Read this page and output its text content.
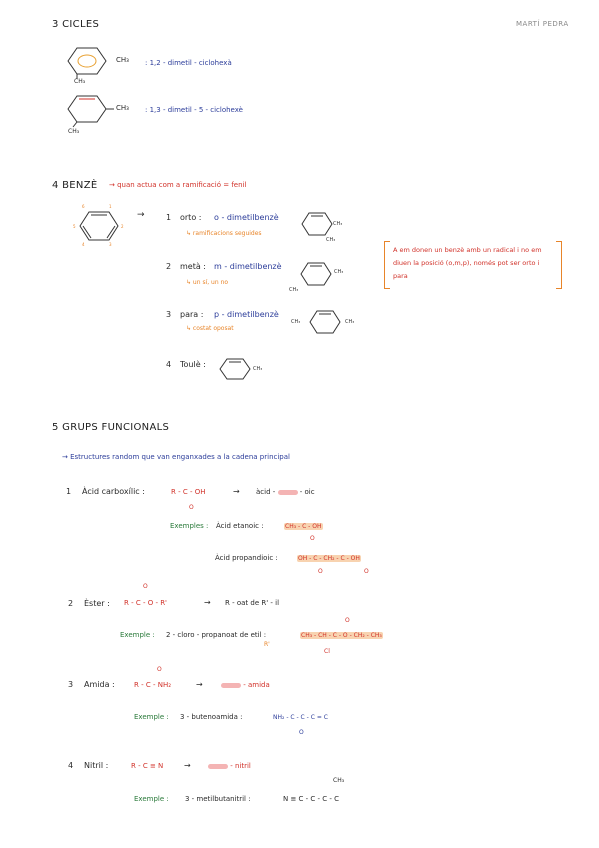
3 CICLES	MARTÍ PEDRA
CH₃
CH₃
: 1,2 - dimetil - ciclohexà
CH₃
CH₃
: 1,3 - dimetil - 5 - ciclohexè
4 BENZÈ → quan actua com a ramificació = fenil
6	1
2
3
4
5
→	1 orto : o - dimetilbenzè
↳ ramificacions seguides
CH₃
CH₃
2 metà : m - dimetilbenzè
↳ un sí, un no
CH₃
CH₃
3 para : p - dimetilbenzè
↳ costat oposat
CH₃	CH₃
4 Toulè :	CH₃
A em donen un benzè amb un radical i no em diuen la posició (o,m,p), només pot ser orto i para
5 GRUPS FUNCIONALS
→ Estructures random que van enganxades a la cadena principal
1 Àcid carboxílic :	R - C - OH
O
→ àcid -	- oic
Exemples : Àcid etanoic :	CH₃ - C - OH
O
Àcid propandioic :	OH - C - CH₂ - C - OH
O	O
2 Èster :
O
R - C - O - R'	→ R - oat de R' - il
Exemple : 2 - cloro - propanoat de etil :
R'
O
CH₃ - CH - C - O - CH₂ - CH₃
Cl
3 Amida :
O
R - C - NH₂	→	- amida
Exemple : 3 - butenoamida :	NH₂ - C - C - C = C
O
4 Nitril :	R - C ≡ N	→	- nitril
CH₃
Exemple : 3 - metilbutanitril :	N ≡ C - C - C - C
